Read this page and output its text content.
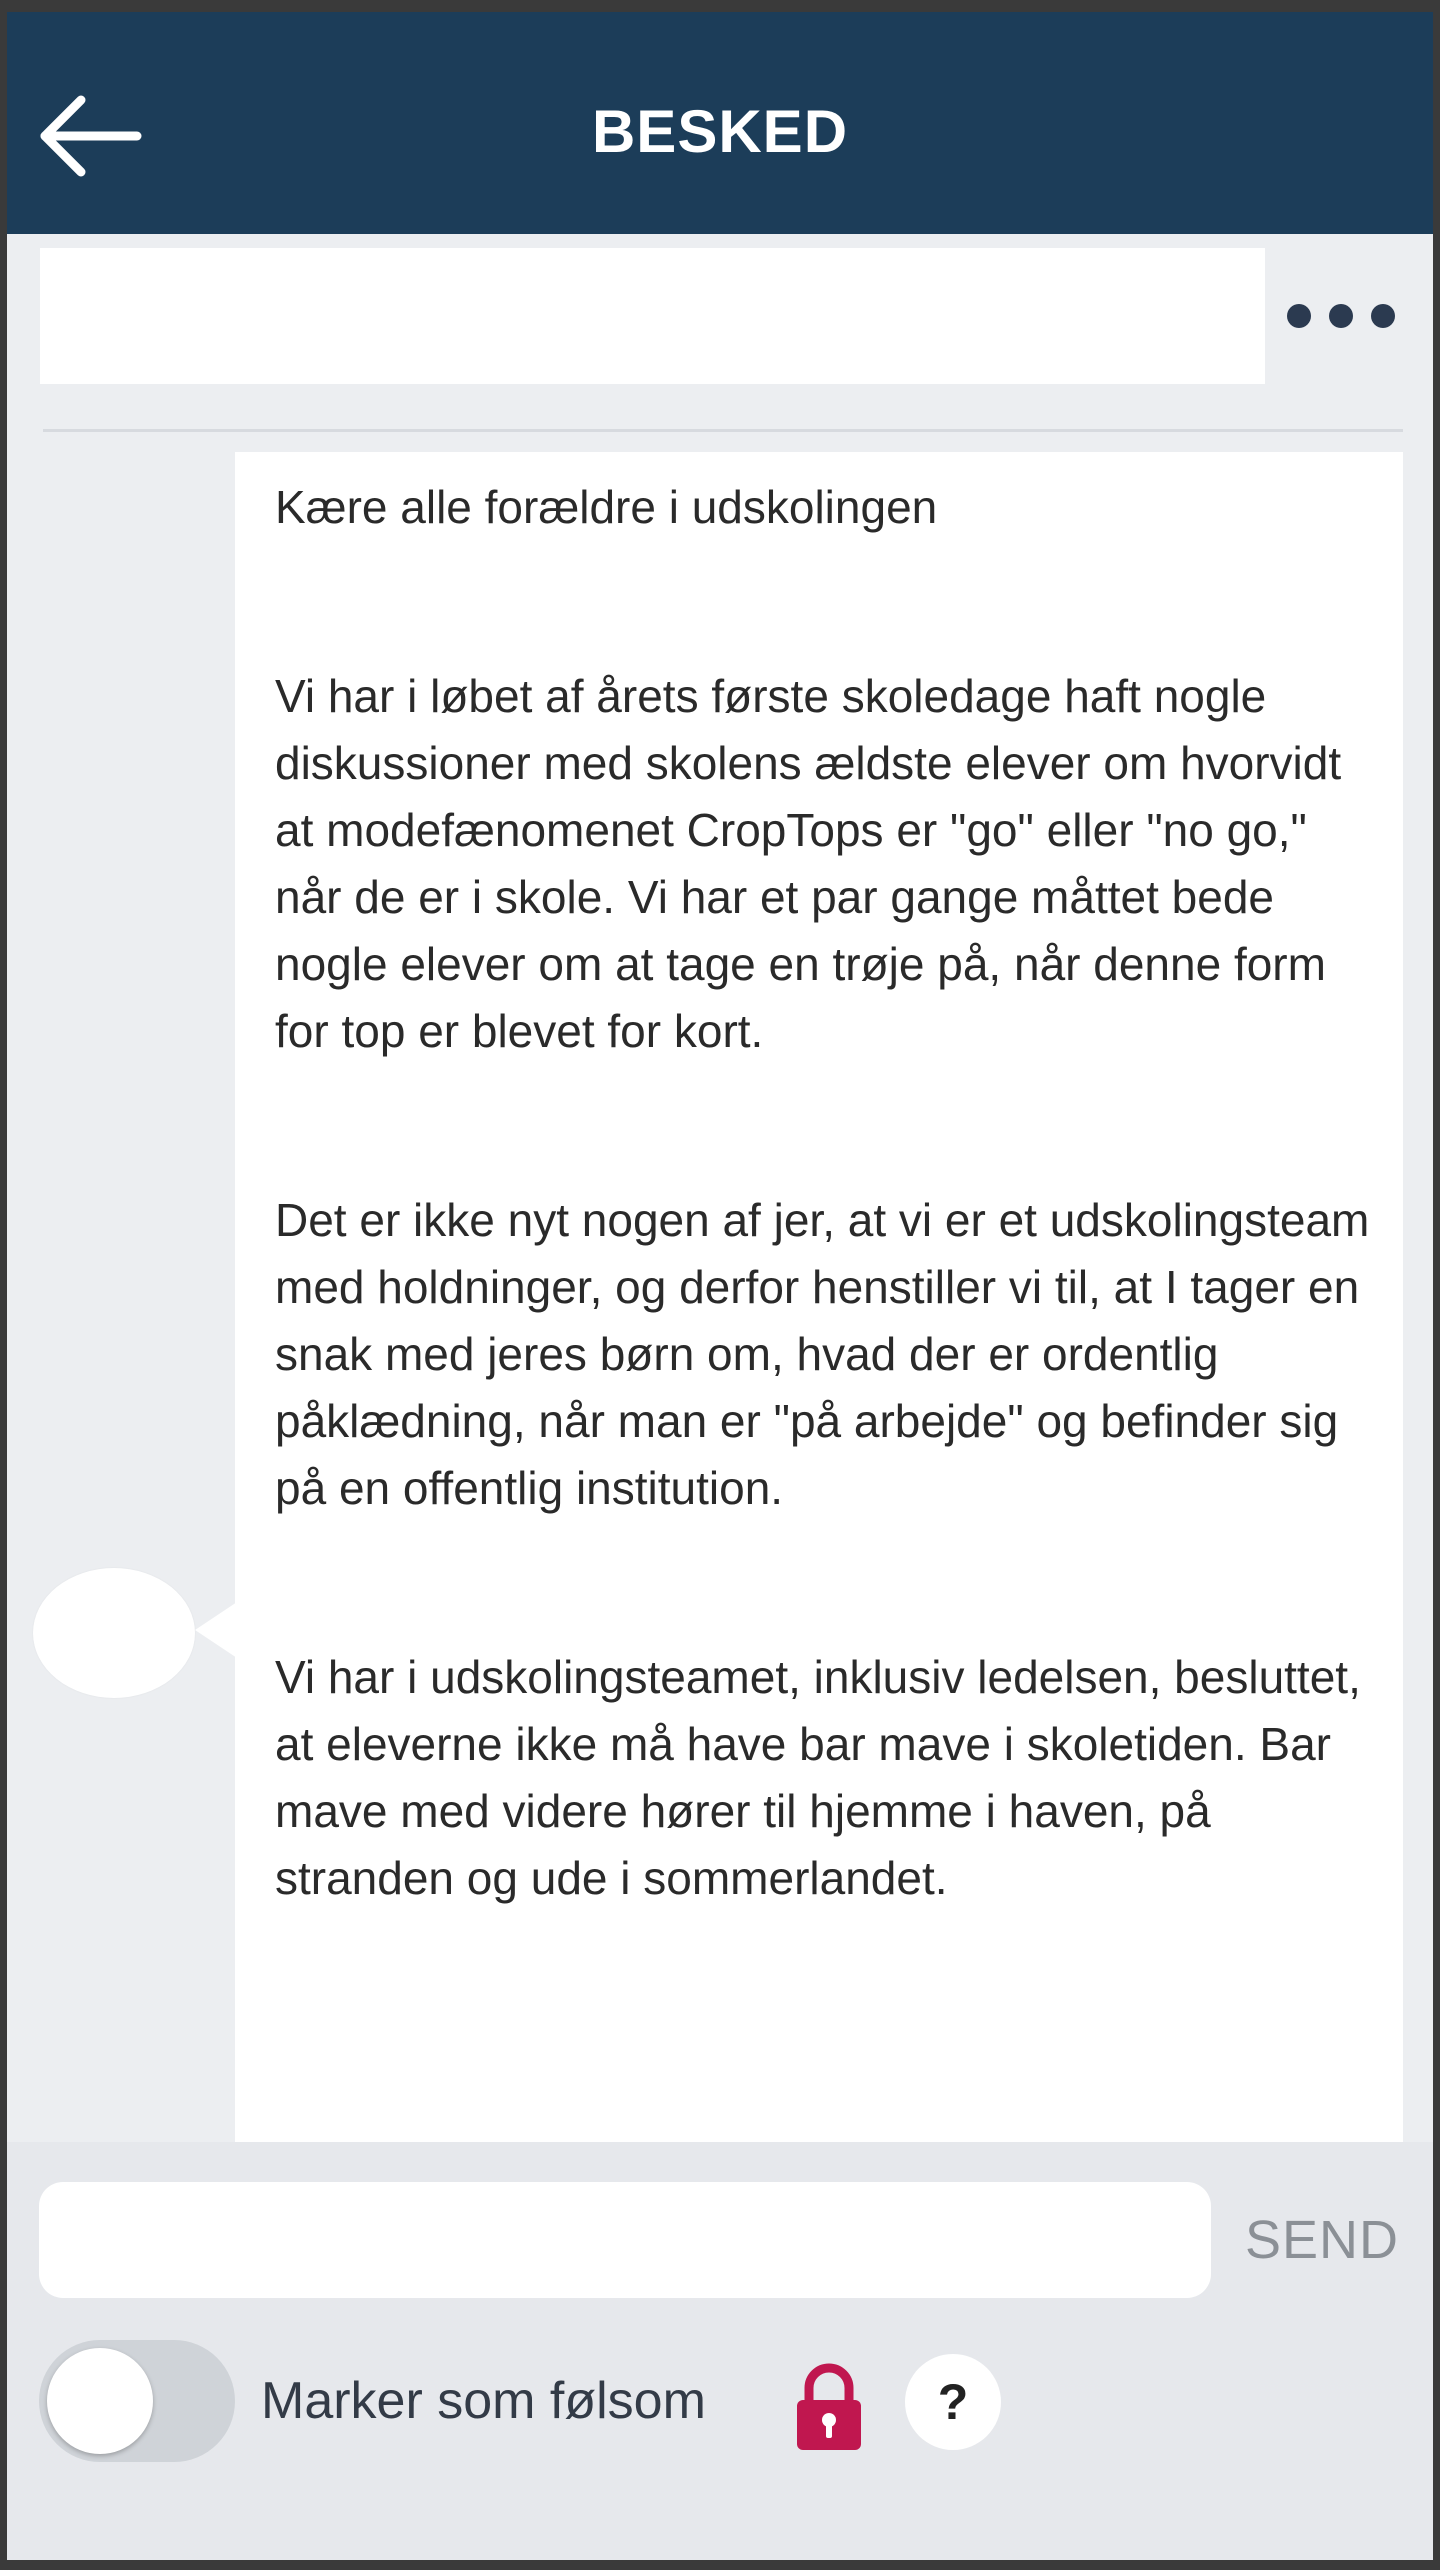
BESKED

Kære alle forældre i udskolingen

Vi har i løbet af årets første skoledage haft nogle diskussioner med skolens ældste elever om hvorvidt at modefænomenet CropTops er "go" eller "no go," når de er i skole. Vi har et par gange måttet bede nogle elever om at tage en trøje på, når denne form for top er blevet for kort.

Det er ikke nyt nogen af jer, at vi er et udskolingsteam med holdninger, og derfor henstiller vi til, at I tager en snak med jeres børn om, hvad der er ordentlig påklædning, når man er "på arbejde" og befinder sig på en offentlig institution.

Vi har i udskolingsteamet, inklusiv ledelsen, besluttet, at eleverne ikke må have bar mave i skoletiden. Bar mave med videre hører til hjemme i haven, på stranden og ude i sommerlandet.

SEND
Marker som følsom	?
